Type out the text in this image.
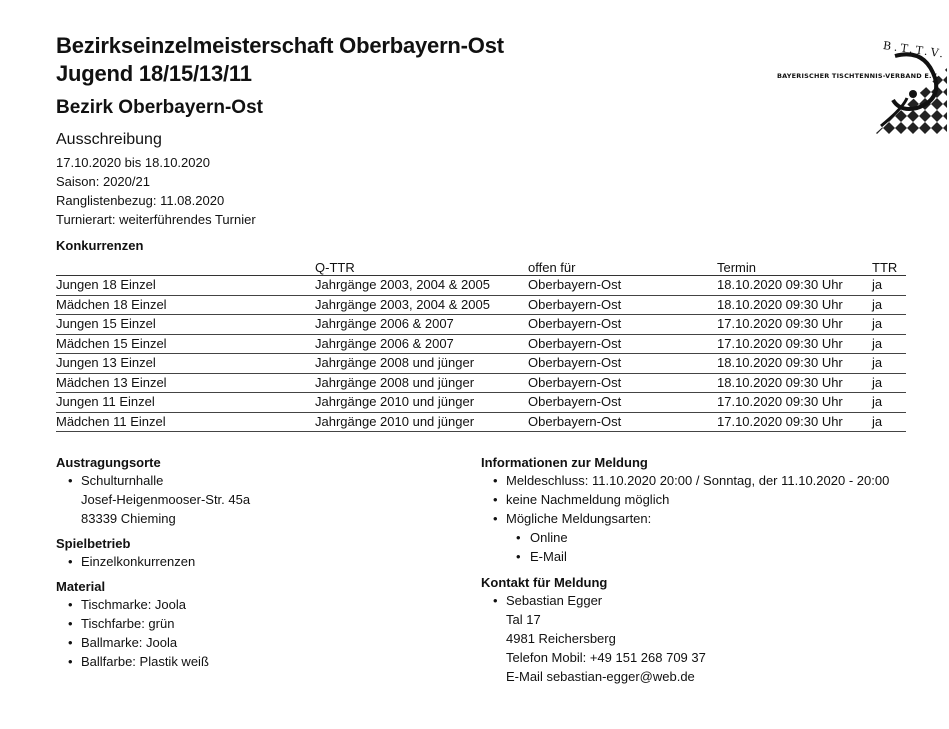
Bezirkseinzelmeisterschaft Oberbayern-Ost
Jugend 18/15/13/11
Bezirk Oberbayern-Ost
B.T.T.V.
BAYERISCHER TISCHTENNIS-VERBAND E.V.
Ausschreibung
17.10.2020 bis 18.10.2020
Saison: 2020/21
Ranglistenbezug: 11.08.2020
Turnierart: weiterführendes Turnier
Konkurrenzen
	Q-TTR	offen für	Termin	TTR
Jungen 18 Einzel	Jahrgänge 2003, 2004 & 2005	Oberbayern-Ost	18.10.2020 09:30 Uhr	ja
Mädchen 18 Einzel	Jahrgänge 2003, 2004 & 2005	Oberbayern-Ost	18.10.2020 09:30 Uhr	ja
Jungen 15 Einzel	Jahrgänge 2006 & 2007	Oberbayern-Ost	17.10.2020 09:30 Uhr	ja
Mädchen 15 Einzel	Jahrgänge 2006 & 2007	Oberbayern-Ost	17.10.2020 09:30 Uhr	ja
Jungen 13 Einzel	Jahrgänge 2008 und jünger	Oberbayern-Ost	18.10.2020 09:30 Uhr	ja
Mädchen 13 Einzel	Jahrgänge 2008 und jünger	Oberbayern-Ost	18.10.2020 09:30 Uhr	ja
Jungen 11 Einzel	Jahrgänge 2010 und jünger	Oberbayern-Ost	17.10.2020 09:30 Uhr	ja
Mädchen 11 Einzel	Jahrgänge 2010 und jünger	Oberbayern-Ost	17.10.2020 09:30 Uhr	ja
Austragungsorte
• Schulturnhalle
Josef-Heigenmooser-Str. 45a
83339 Chieming
Spielbetrieb
• Einzelkonkurrenzen
Material
• Tischmarke: Joola
• Tischfarbe: grün
• Ballmarke: Joola
• Ballfarbe: Plastik weiß
Informationen zur Meldung
• Meldeschluss: 11.10.2020 20:00 / Sonntag, der 11.10.2020 - 20:00
• keine Nachmeldung möglich
• Mögliche Meldungsarten:
• Online
• E-Mail
Kontakt für Meldung
• Sebastian Egger
Tal 17
4981 Reichersberg
Telefon Mobil: +49 151 268 709 37
E-Mail sebastian-egger@web.de
